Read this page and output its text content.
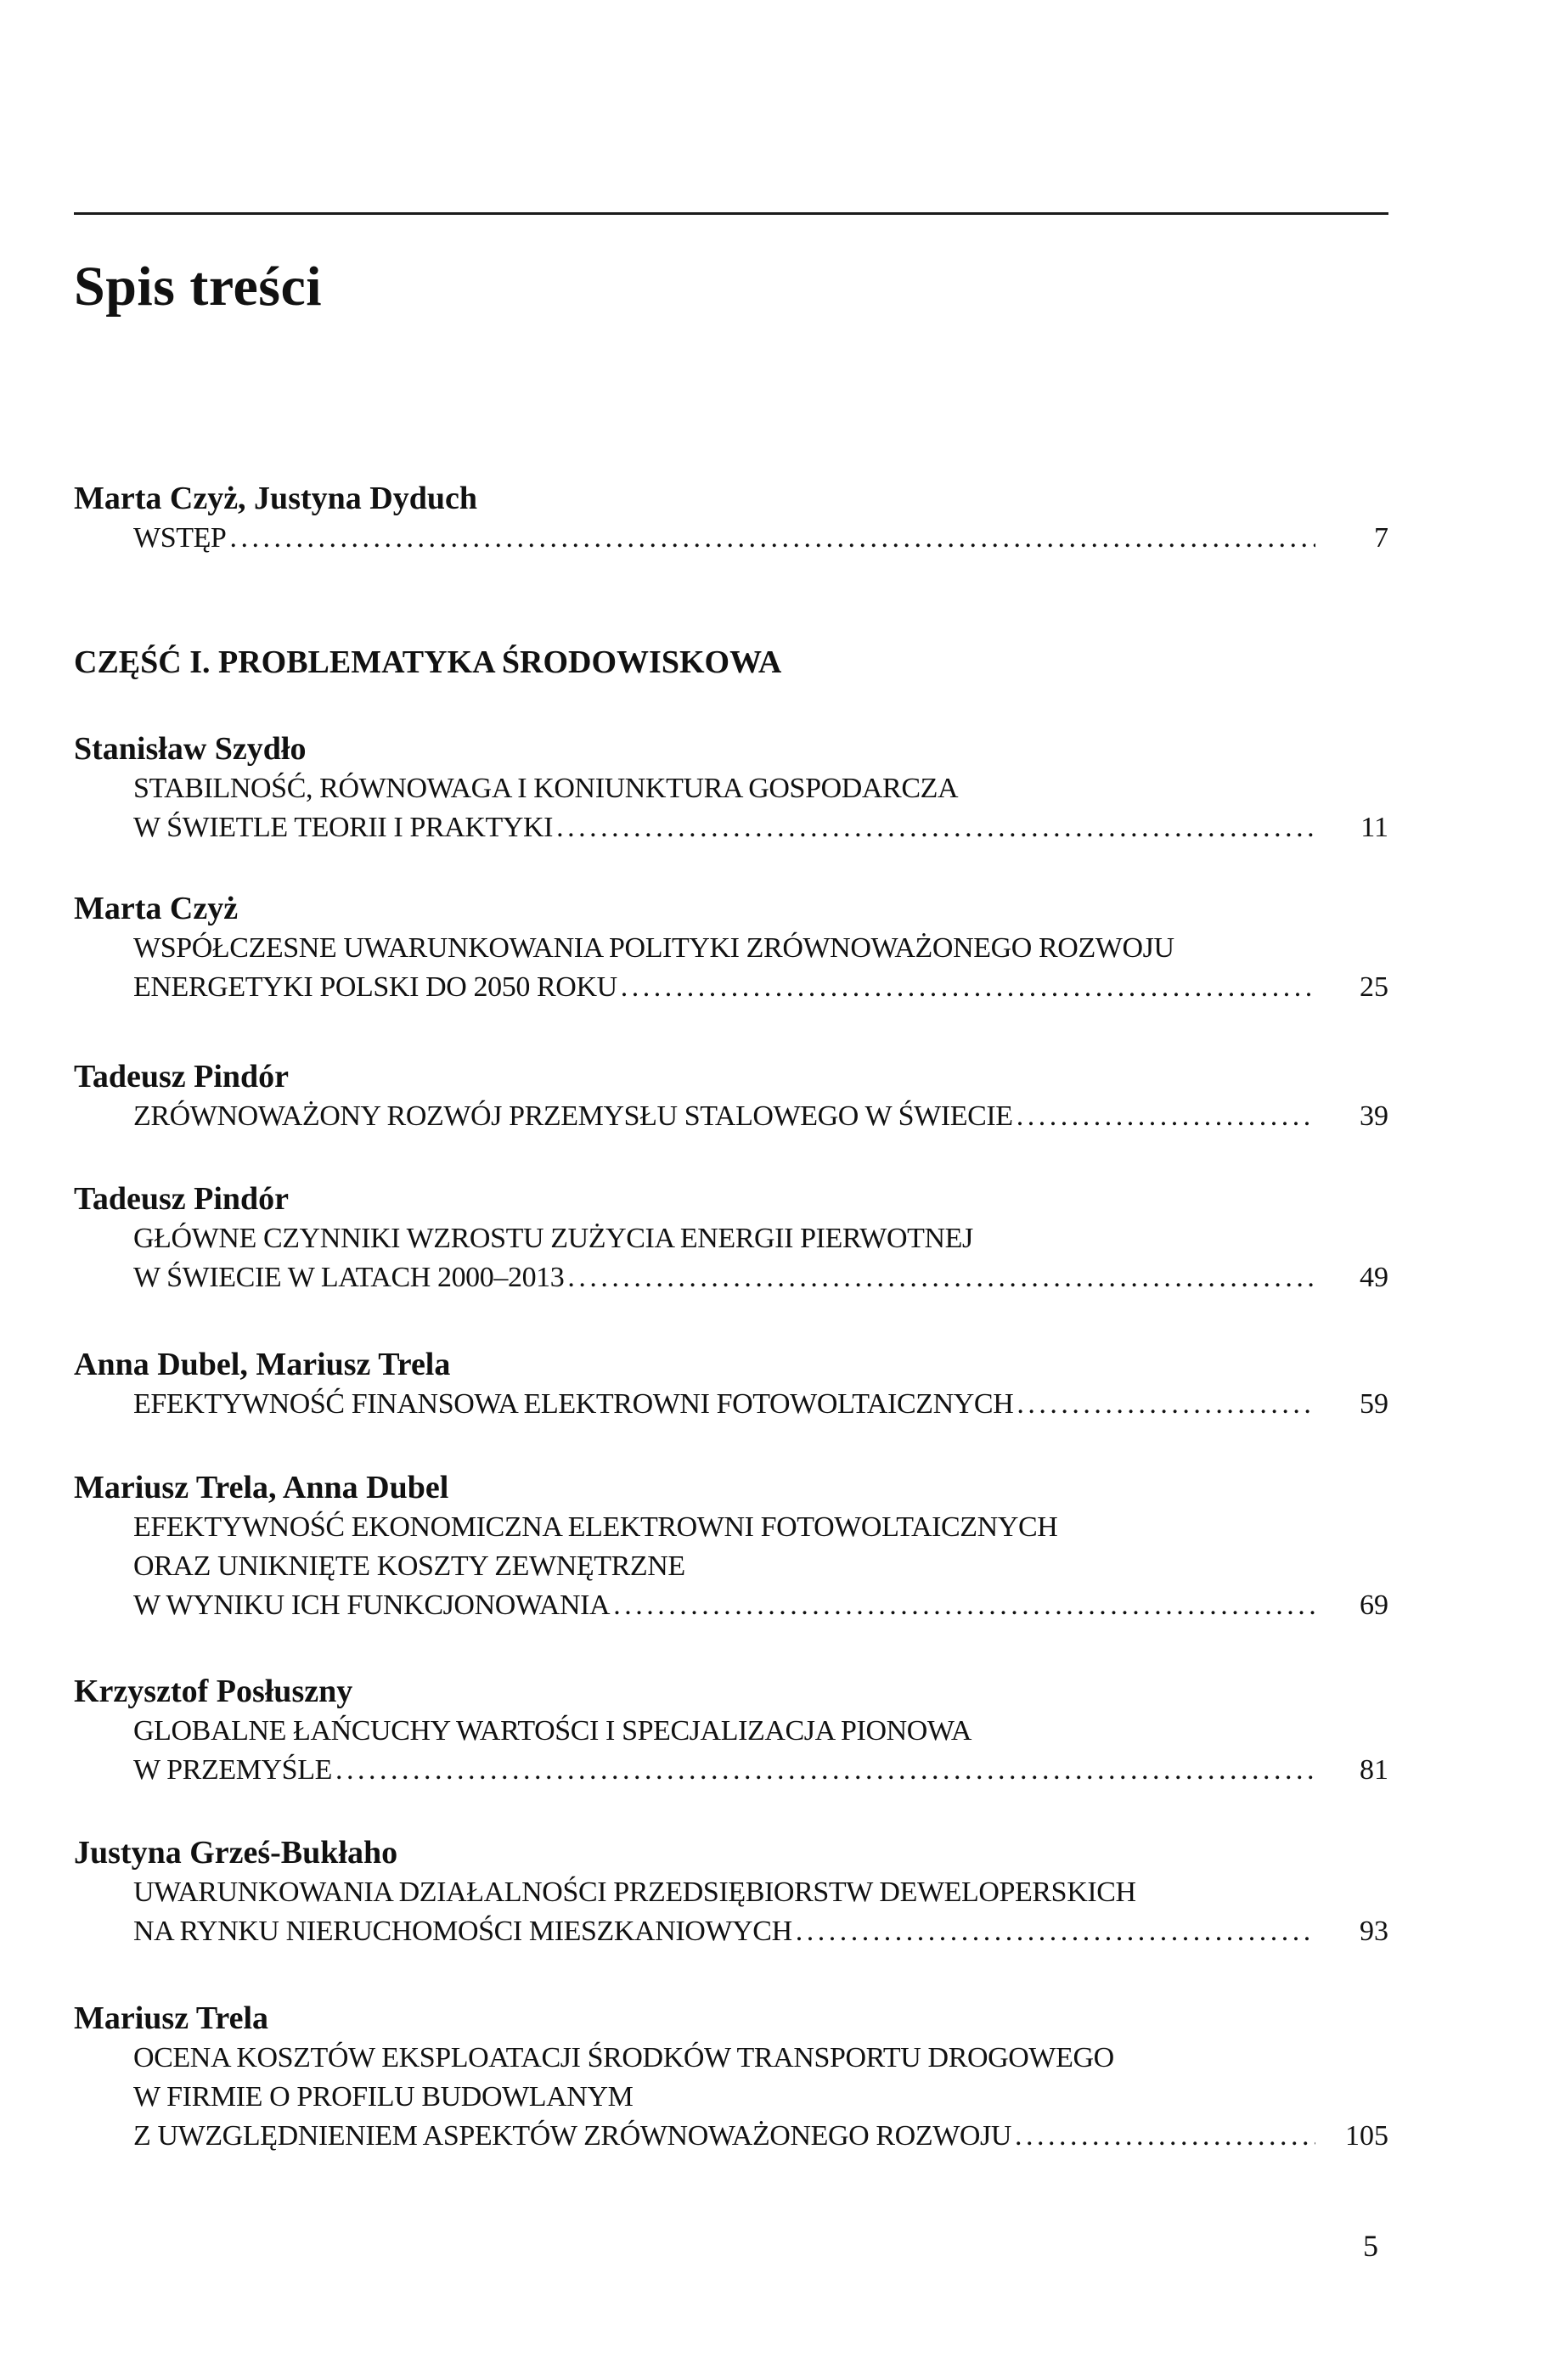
Spis treści
Marta Czyż, Justyna Dyduch
WSTĘP . . .	7
CZĘŚĆ I. PROBLEMATYKA ŚRODOWISKOWA
Stanisław Szydło
STABILNOŚĆ, RÓWNOWAGA I KONIUNKTURA GOSPODARCZA
W ŚWIETLE TEORII I PRAKTYKI . . .	11
Marta Czyż
WSPÓŁCZESNE UWARUNKOWANIA POLITYKI ZRÓWNOWAŻONEGO ROZWOJU
ENERGETYKI POLSKI DO 2050 ROKU . . .	25
Tadeusz Pindór
ZRÓWNOWAŻONY ROZWÓJ PRZEMYSŁU STALOWEGO W ŚWIECIE . . .	39
Tadeusz Pindór
GŁÓWNE CZYNNIKI WZROSTU ZUŻYCIA ENERGII PIERWOTNEJ
W ŚWIECIE W LATACH 2000–2013 . . .	49
Anna Dubel, Mariusz Trela
EFEKTYWNOŚĆ FINANSOWA ELEKTROWNI FOTOWOLTAICZNYCH . . .	59
Mariusz Trela, Anna Dubel
EFEKTYWNOŚĆ EKONOMICZNA ELEKTROWNI FOTOWOLTAICZNYCH
ORAZ UNIKNIĘTE KOSZTY ZEWNĘTRZNE
W WYNIKU ICH FUNKCJONOWANIA . . .	69
Krzysztof Posłuszny
GLOBALNE ŁAŃCUCHY WARTOŚCI I SPECJALIZACJA PIONOWA
W PRZEMYŚLE . . .	81
Justyna Grześ-Bukłaho
UWARUNKOWANIA DZIAŁALNOŚCI PRZEDSIĘBIORSTW DEWELOPERSKICH
NA RYNKU NIERUCHOMOŚCI MIESZKANIOWYCH . . .	93
Mariusz Trela
OCENA KOSZTÓW EKSPLOATACJI ŚRODKÓW TRANSPORTU DROGOWEGO
W FIRMIE O PROFILU BUDOWLANYM
Z UWZGLĘDNIENIEM ASPEKTÓW ZRÓWNOWAŻONEGO ROZWOJU . . .	105
5
